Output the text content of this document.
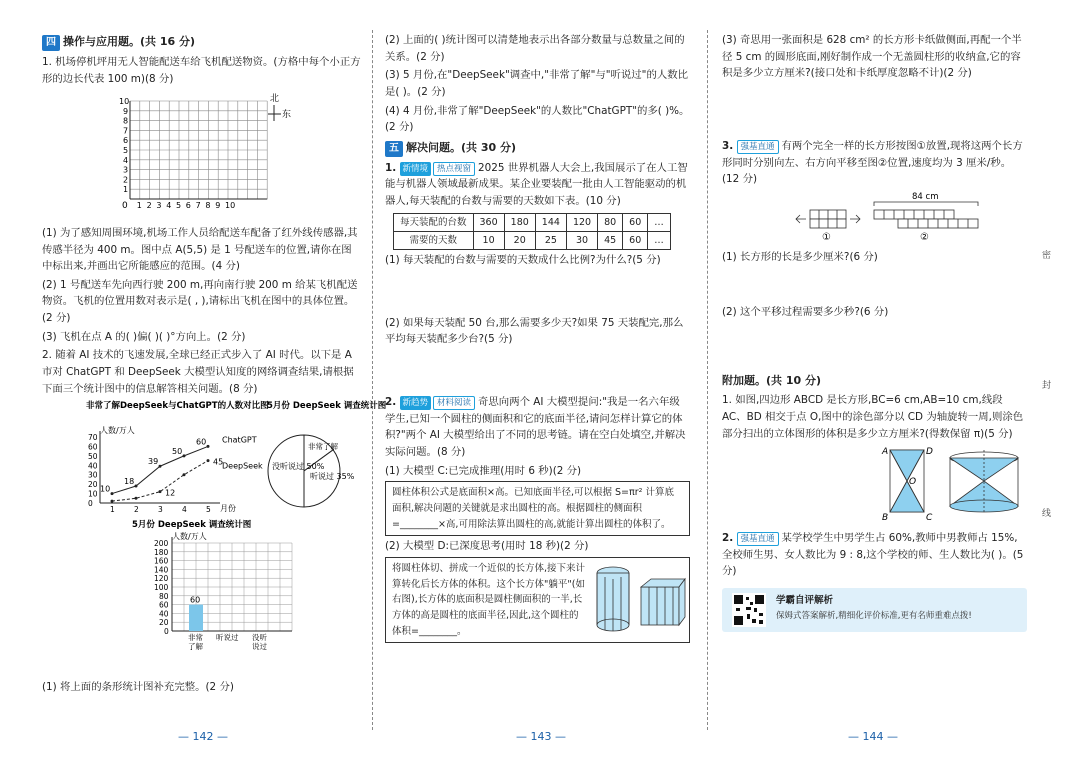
密
封
线
四 操作与应用题。(共 16 分)
1. 机场停机坪用无人智能配送车给飞机配送物资。(方格中每个小正方形的边长代表 100 m)(8 分)
0 1
1
2
2
3
3
4
4
5
5
6
6
7
7
8
8
9
9
10
10	北
东
(1) 为了感知周围环境,机场工作人员给配送车配备了红外线传感器,其传感半径为 400 m。图中点 A(5,5) 是 1 号配送车的位置,请你在图中标出来,并画出它所能感应的范围。(4 分)
(2) 1 号配送车先向西行驶 200 m,再向南行驶 200 m 给某飞机配送物资。飞机的位置用数对表示是( , ),请标出飞机在图中的具体位置。(2 分)
(3) 飞机在点 A 的( )偏( )( )°方向上。(2 分)
2. 随着 AI 技术的飞速发展,全球已经正式步入了 AI 时代。以下是 A 市对 ChatGPT 和 DeepSeek 大模型认知度的网络调查结果,请根据下面三个统计图中的信息解答相关问题。(8 分)
非常了解DeepSeek与ChatGPT的人数对比图
人数/万人
0
10
20
30
40
50
60
70
1	2	3	4	5
10
18
39
50
60 ChatGPT
12
45
DeepSeek
月份
5月份 DeepSeek 调查统计图
非常了解
听说过 35%
没听说过 50%
5月份 DeepSeek 调查统计图
人数/万人
0
20
40
60
80
100
120
140
160
180
200
60
非常
了解
听说过 没听
说过
(1) 将上面的条形统计图补充完整。(2 分)
(2) 上面的( )统计图可以清楚地表示出各部分数量与总数量之间的关系。(2 分)
(3) 5 月份,在"DeepSeek"调查中,"非常了解"与"听说过"的人数比是( )。(2 分)
(4) 4 月份,非常了解"DeepSeek"的人数比"ChatGPT"的多( )%。(2 分)
五 解决问题。(共 30 分)
1. 新情境 热点视窗 2025 世界机器人大会上,我国展示了在人工智能与机器人领域最新成果。某企业要装配一批由人工智能驱动的机器人,每天装配的台数与需要的天数如下表。(10 分)
每天装配的台数	360	180	144	120	80	60	…
需要的天数	10	20	25	30	45	60	…
(1) 每天装配的台数与需要的天数成什么比例?为什么?(5 分)
(2) 如果每天装配 50 台,那么需要多少天?如果 75 天装配完,那么平均每天装配多少台?(5 分)
2. 新趋势 材料阅读 奇思向两个 AI 大模型提问:"我是一名六年级学生,已知一个圆柱的侧面积和它的底面半径,请问怎样计算它的体积?"两个 AI 大模型给出了不同的思考链。请在空白处填空,并解决实际问题。(8 分)
(1) 大模型 C:已完成推理(用时 6 秒)(2 分)
圆柱体积公式是底面积×高。已知底面半径,可以根据 S=πr² 计算底面积,解决问题的关键就是求出圆柱的高。根据圆柱的侧面积=________×高,可用除法算出圆柱的高,就能计算出圆柱的体积了。
(2) 大模型 D:已深度思考(用时 18 秒)(2 分)
将圆柱体切、拼成一个近似的长方体,接下来计算转化后长方体的体积。这个长方体"躺平"(如右图),长方体的底面积是圆柱侧面积的一半,长方体的高是圆柱的底面半径,因此,这个圆柱的体积=________。
(3) 奇思用一张面积是 628 cm² 的长方形卡纸做侧面,再配一个半径 5 cm 的圆形底面,刚好制作成一个无盖圆柱形的收纳盒,它的容积是多少立方厘米?(接口处和卡纸厚度忽略不计)(2 分)
3. 强基直通 有两个完全一样的长方形按图①放置,现将这两个长方形同时分别向左、右方向平移至图②位置,速度均为 3 厘米/秒。(12 分)
84 cm
①	②
(1) 长方形的长是多少厘米?(6 分)
(2) 这个平移过程需要多少秒?(6 分)
附加题。(共 10 分)
1. 如图,四边形 ABCD 是长方形,BC=6 cm,AB=10 cm,线段 AC、BD 相交于点 O,图中的涂色部分以 CD 为轴旋转一周,则涂色部分扫出的立体图形的体积是多少立方厘米?(得数保留 π)(5 分)
A	D
O
B	C
2. 强基直通 某学校学生中男学生占 60%,教师中男教师占 15%,全校师生男、女人数比为 9 : 8,这个学校的师、生人数比为( )。(5 分)
学霸自评解析
保姆式答案解析,精细化评价标准,更有名师重难点拨!
— 142 —	— 143 —	— 144 —
